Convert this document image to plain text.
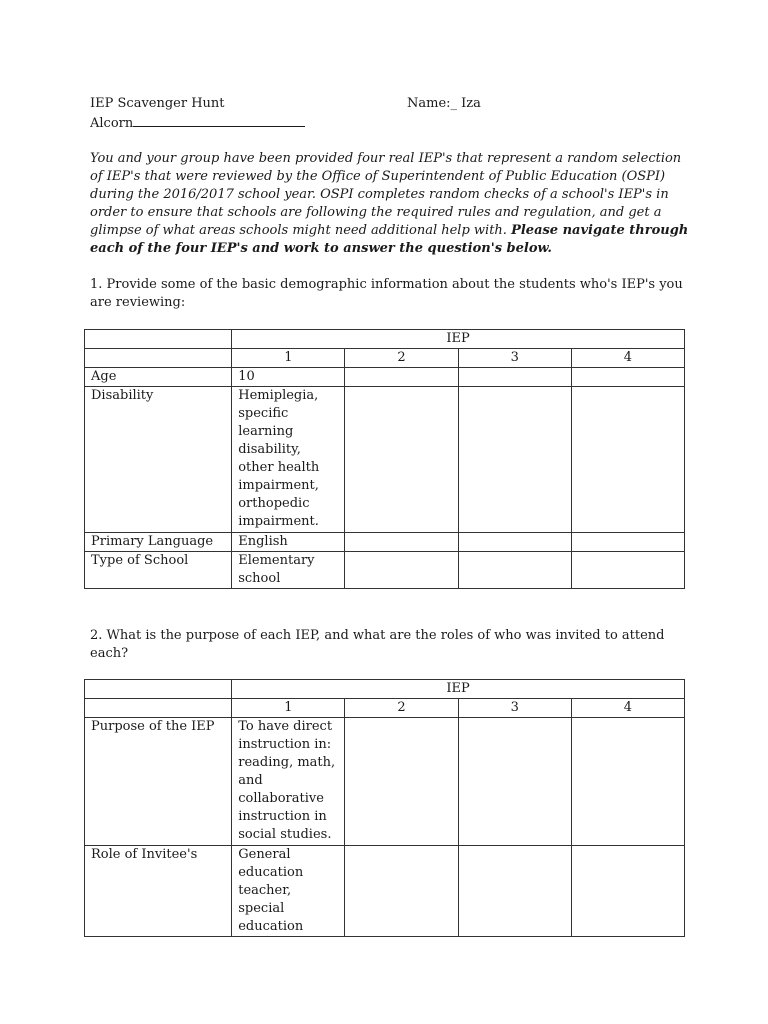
IEP Scavenger Hunt
Alcorn
Name:_ Iza
You and your group have been provided four real IEP's that represent a random selection of IEP's that were reviewed by the Office of Superintendent of Public Education (OSPI) during the 2016/2017 school year. OSPI completes random checks of a school's IEP's in order to ensure that schools are following the required rules and regulation, and get a glimpse of what areas schools might need additional help with. Please navigate through each of the four IEP's and work to answer the question's below.
1. Provide some of the basic demographic information about the students who's IEP's you are reviewing:
	IEP			
	1	2	3	4
Age	10			
Disability	Hemiplegia, specific learning disability, other health impairment, orthopedic impairment.			
Primary Language	English			
Type of School	Elementary school			
2. What is the purpose of each IEP, and what are the roles of who was invited to attend each?
	IEP			
	1	2	3	4
Purpose of the IEP	To have direct instruction in: reading, math, and collaborative instruction in social studies.			
Role of Invitee's	General education teacher, special education			
